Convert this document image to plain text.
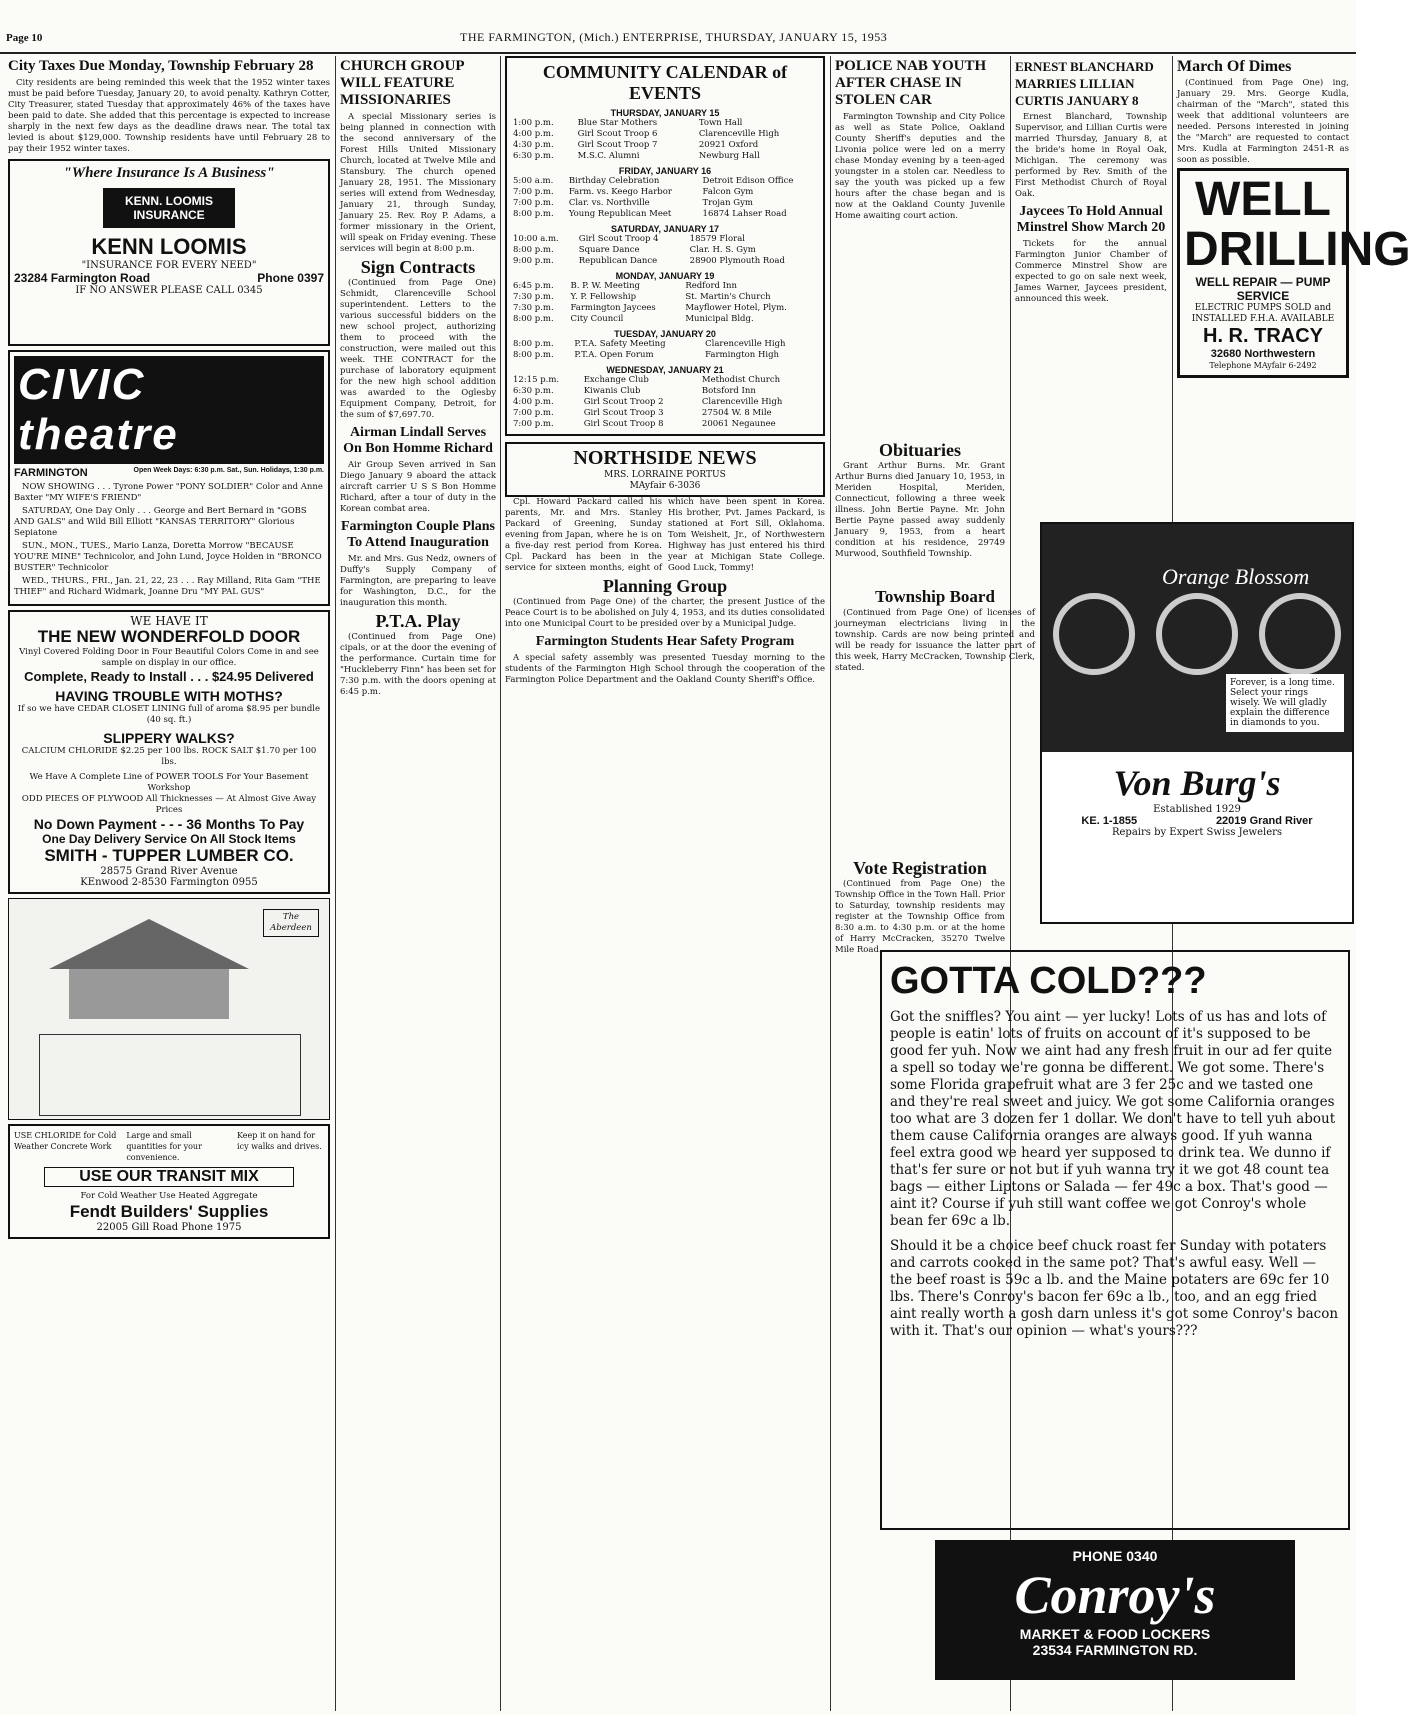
Page 10	THE FARMINGTON, (Mich.) ENTERPRISE, THURSDAY, JANUARY 15, 1953
City Taxes Due Monday, Township February 28

City residents are being reminded this week that the 1952 winter taxes must be paid before Tuesday, January 20, to avoid penalty. Kathryn Cotter, City Treasurer, stated Tuesday that approximately 46% of the taxes have been paid to date. She added that this percentage is expected to increase sharply in the next few days as the deadline draws near. The total tax levied is about $129,000. Township residents have until February 28 to pay their 1952 winter taxes.

"Where Insurance Is A Business"
KENN. LOOMIS INSURANCE
KENN LOOMIS
"INSURANCE FOR EVERY NEED"
23284 Farmington Road	Phone 0397
IF NO ANSWER PLEASE CALL 0345
CIVIC theatre
FARMINGTON	Open Week Days: 6:30 p.m. Sat., Sun. Holidays, 1:30 p.m.

NOW SHOWING . . . Tyrone Power "PONY SOLDIER" Color and Anne Baxter "MY WIFE'S FRIEND"

SATURDAY, One Day Only . . . George and Bert Bernard in "GOBS AND GALS" and Wild Bill Elliott "KANSAS TERRITORY" Glorious Sepiatone

SUN., MON., TUES., Mario Lanza, Doretta Morrow "BECAUSE YOU'RE MINE" Technicolor, and John Lund, Joyce Holden in "BRONCO BUSTER" Technicolor

WED., THURS., FRI., Jan. 21, 22, 23 . . . Ray Milland, Rita Gam "THE THIEF" and Richard Widmark, Joanne Dru "MY PAL GUS"

WE HAVE IT
THE NEW WONDERFOLD DOOR
Vinyl Covered Folding Door in Four Beautiful Colors Come in and see sample on display in our office.
Complete, Ready to Install . . . $24.95 Delivered
HAVING TROUBLE WITH MOTHS?
If so we have CEDAR CLOSET LINING full of aroma $8.95 per bundle (40 sq. ft.)
SLIPPERY WALKS?
CALCIUM CHLORIDE $2.25 per 100 lbs. ROCK SALT $1.70 per 100 lbs.
We Have A Complete Line of POWER TOOLS For Your Basement Workshop
ODD PIECES OF PLYWOOD All Thicknesses — At Almost Give Away Prices
No Down Payment - - - 36 Months To Pay
One Day Delivery Service On All Stock Items
SMITH - TUPPER LUMBER CO.
28575 Grand River Avenue
KEnwood 2-8530 Farmington 0955
The Aberdeen
USE CHLORIDE for Cold Weather Concrete Work
Large and small quantities for your convenience.
Keep it on hand for icy walks and drives.
USE OUR TRANSIT MIX
For Cold Weather Use Heated Aggregate
Fendt Builders' Supplies
22005 Gill Road Phone 1975
CHURCH GROUP WILL FEATURE MISSIONARIES

A special Missionary series is being planned in connection with the second anniversary of the Forest Hills United Missionary Church, located at Twelve Mile and Stansbury. The church opened January 28, 1951. The Missionary series will extend from Wednesday, January 21, through Sunday, January 25. Rev. Roy P. Adams, a former missionary in the Orient, will speak on Friday evening. These services will begin at 8:00 p.m.

Sign Contracts

(Continued from Page One) Schmidt, Clarenceville School superintendent. Letters to the various successful bidders on the new school project, authorizing them to proceed with the construction, were mailed out this week. THE CONTRACT for the purchase of laboratory equipment for the new high school addition was awarded to the Oglesby Equipment Company, Detroit, for the sum of $7,697.70.

Airman Lindall Serves On Bon Homme Richard

Air Group Seven arrived in San Diego January 9 aboard the attack aircraft carrier U S S Bon Homme Richard, after a tour of duty in the Korean combat area.

Farmington Couple Plans To Attend Inauguration

Mr. and Mrs. Gus Nedz, owners of Duffy's Supply Company of Farmington, are preparing to leave for Washington, D.C., for the inauguration this month.

P.T.A. Play

(Continued from Page One) cipals, or at the door the evening of the performance. Curtain time for "Huckleberry Finn" has been set for 7:30 p.m. with the doors opening at 6:45 p.m.

COMMUNITY CALENDAR of EVENTS
THURSDAY, JANUARY 15
1:00 p.m.	Blue Star Mothers	Town Hall
4:00 p.m.	Girl Scout Troop 6	Clarenceville High
4:30 p.m.	Girl Scout Troop 7	20921 Oxford
6:30 p.m.	M.S.C. Alumni	Newburg Hall
FRIDAY, JANUARY 16
5:00 a.m.	Birthday Celebration	Detroit Edison Office
7:00 p.m.	Farm. vs. Keego Harbor	Falcon Gym
7:00 p.m.	Clar. vs. Northville	Trojan Gym
8:00 p.m.	Young Republican Meet	16874 Lahser Road
SATURDAY, JANUARY 17
10:00 a.m.	Girl Scout Troop 4	18579 Floral
8:00 p.m.	Square Dance	Clar. H. S. Gym
9:00 p.m.	Republican Dance	28900 Plymouth Road
MONDAY, JANUARY 19
6:45 p.m.	B. P. W. Meeting	Redford Inn
7:30 p.m.	Y. P. Fellowship	St. Martin's Church
7:30 p.m.	Farmington Jaycees	Mayflower Hotel, Plym.
8:00 p.m.	City Council	Municipal Bldg.
TUESDAY, JANUARY 20
8:00 p.m.	P.T.A. Safety Meeting	Clarenceville High
8:00 p.m.	P.T.A. Open Forum	Farmington High
WEDNESDAY, JANUARY 21
12:15 p.m.	Exchange Club	Methodist Church
6:30 p.m.	Kiwanis Club	Botsford Inn
4:00 p.m.	Girl Scout Troop 2	Clarenceville High
7:00 p.m.	Girl Scout Troop 3	27504 W. 8 Mile
7:00 p.m.	Girl Scout Troop 8	20061 Negaunee
NORTHSIDE NEWS
MRS. LORRAINE PORTUS
MAyfair 6-3036

Cpl. Howard Packard called his parents, Mr. and Mrs. Stanley Packard of Greening, Sunday evening from Japan, where he is on a five-day rest period from Korea. Cpl. Packard has been in the service for sixteen months, eight of which have been spent in Korea. His brother, Pvt. James Packard, is stationed at Fort Sill, Oklahoma. Tom Weisheit, Jr., of Northwestern Highway has just entered his third year at Michigan State College. Good Luck, Tommy!

Planning Group

(Continued from Page One) of the charter, the present Justice of the Peace Court is to be abolished on July 4, 1953, and its duties consolidated into one Municipal Court to be presided over by a Municipal Judge.

Farmington Students Hear Safety Program

A special safety assembly was presented Tuesday morning to the students of the Farmington High School through the cooperation of the Farmington Police Department and the Oakland County Sheriff's Office.

POLICE NAB YOUTH AFTER CHASE IN STOLEN CAR

Farmington Township and City Police as well as State Police, Oakland County Sheriff's deputies and the Livonia police were led on a merry chase Monday evening by a teen-aged youngster in a stolen car. Needless to say the youth was picked up a few hours after the chase began and is now at the Oakland County Juvenile Home awaiting court action.

Obituaries

Grant Arthur Burns. Mr. Grant Arthur Burns died January 10, 1953, in Meriden Hospital, Meriden, Connecticut, following a three week illness. John Bertie Payne. Mr. John Bertie Payne passed away suddenly January 9, 1953, from a heart condition at his residence, 29749 Murwood, Southfield Township.

Vote Registration

(Continued from Page One) the Township Office in the Town Hall. Prior to Saturday, township residents may register at the Township Office from 8:30 a.m. to 4:30 p.m. or at the home of Harry McCracken, 35270 Twelve Mile Road.

ERNEST BLANCHARD MARRIES LILLIAN CURTIS JANUARY 8

Ernest Blanchard, Township Supervisor, and Lillian Curtis were married Thursday, January 8, at the bride's home in Royal Oak, Michigan. The ceremony was performed by Rev. Smith of the First Methodist Church of Royal Oak.

Jaycees To Hold Annual Minstrel Show March 20

Tickets for the annual Farmington Junior Chamber of Commerce Minstrel Show are expected to go on sale next week, James Warner, Jaycees president, announced this week.

Township Board

(Continued from Page One) of licenses of journeyman electricians living in the township. Cards are now being printed and will be ready for issuance the latter part of this week, Harry McCracken, Township Clerk, stated.

March Of Dimes

(Continued from Page One) ing, January 29. Mrs. George Kudla, chairman of the "March", stated this week that additional volunteers are needed. Persons interested in joining the "March" are requested to contact Mrs. Kudla at Farmington 2451-R as soon as possible.

WELL DRILLING
WELL REPAIR — PUMP SERVICE
ELECTRIC PUMPS SOLD and INSTALLED F.H.A. AVAILABLE
H. R. TRACY
32680 Northwestern
Telephone MAyfair 6-2492
Orange Blossom
Forever, is a long time. Select your rings wisely. We will gladly explain the difference in diamonds to you.
Von Burg's
Established 1929
KE. 1-1855	22019 Grand River
Repairs by Expert Swiss Jewelers
GOTTA COLD???

Got the sniffles? You aint — yer lucky! Lots of us has and lots of people is eatin' lots of fruits on account of it's supposed to be good fer yuh. Now we aint had any fresh fruit in our ad fer quite a spell so today we're gonna be different. We got some. There's some Florida grapefruit what are 3 fer 25c and we tasted one and they're real sweet and juicy. We got some California oranges too what are 3 dozen fer 1 dollar. We don't have to tell yuh about them cause California oranges are always good. If yuh wanna feel extra good we heard yer supposed to drink tea. We dunno if that's fer sure or not but if yuh wanna try it we got 48 count tea bags — either Liptons or Salada — fer 49c a box. That's good — aint it? Course if yuh still want coffee we got Conroy's whole bean fer 69c a lb.

Should it be a choice beef chuck roast fer Sunday with potaters and carrots cooked in the same pot? That's awful easy. Well — the beef roast is 59c a lb. and the Maine potaters are 69c fer 10 lbs. There's Conroy's bacon fer 69c a lb., too, and an egg fried aint really worth a gosh darn unless it's got some Conroy's bacon with it. That's our opinion — what's yours???

PHONE 0340
Conroy's
MARKET & FOOD LOCKERS
23534 FARMINGTON RD.
